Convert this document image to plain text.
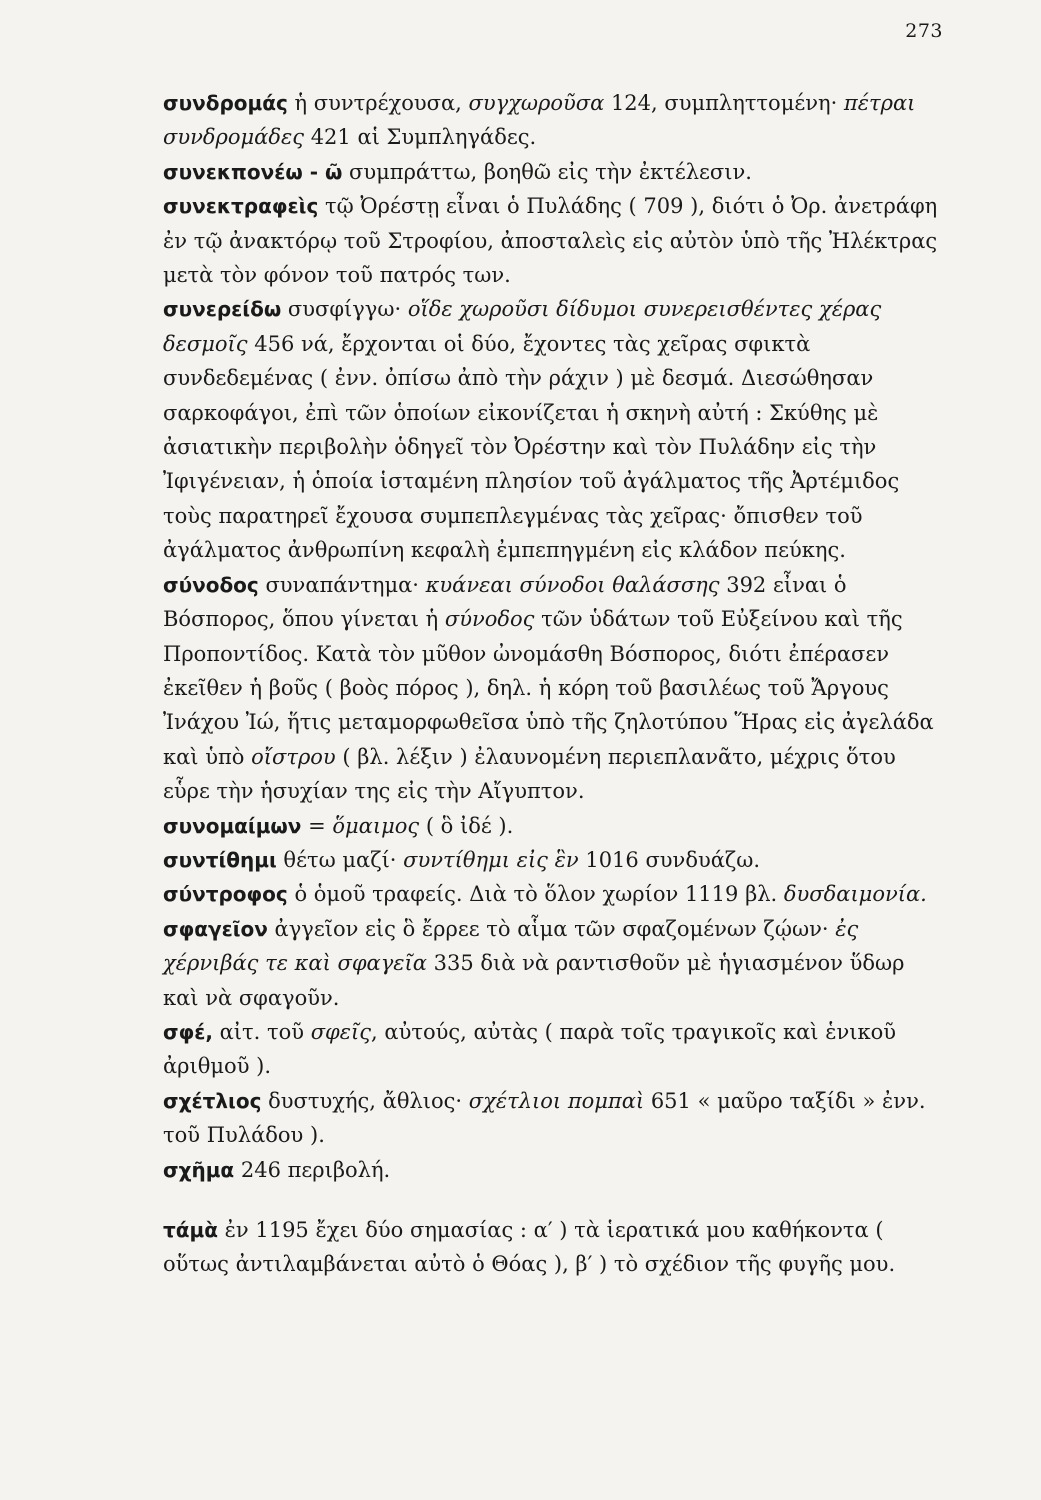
273

συνδρομάς ἡ συντρέχουσα, συγχωροῦσα 124, συμπληττομένη· πέτραι συνδρομάδες 421 αἱ Συμπληγάδες.

συνεκπονέω - ῶ συμπράττω, βοηθῶ εἰς τὴν ἐκτέλεσιν.

συνεκτραφεὶς τῷ Ὀρέστῃ εἶναι ὁ Πυλάδης ( 709 ), διότι ὁ Ὀρ. ἀνετράφη ἐν τῷ ἀνακτόρῳ τοῦ Στροφίου, ἀποσταλεὶς εἰς αὐτὸν ὑπὸ τῆς Ἠλέκτρας μετὰ τὸν φόνον τοῦ πατρός των.

συνερείδω συσφίγγω· οἵδε χωροῦσι δίδυμοι συνερεισθέντες χέρας δεσμοῖς 456 νά, ἔρχονται οἱ δύο, ἔχοντες τὰς χεῖρας σφικτὰ συνδεδεμένας ( ἐνν. ὀπίσω ἀπὸ τὴν ράχιν ) μὲ δεσμά. Διεσώθησαν σαρκοφάγοι, ἐπὶ τῶν ὁποίων εἰκονίζεται ἡ σκηνὴ αὐτή : Σκύθης μὲ ἀσιατικὴν περιβολὴν ὁδηγεῖ τὸν Ὀρέστην καὶ τὸν Πυλάδην εἰς τὴν Ἰφιγένειαν, ἡ ὁποία ἱσταμένη πλησίον τοῦ ἀγάλματος τῆς Ἀρτέμιδος τοὺς παρατηρεῖ ἔχουσα συμπεπλεγμένας τὰς χεῖρας· ὄπισθεν τοῦ ἀγάλματος ἀνθρωπίνη κεφαλὴ ἐμπεπηγμένη εἰς κλάδον πεύκης.

σύνοδος συναπάντημα· κυάνεαι σύνοδοι θαλάσσης 392 εἶναι ὁ Βόσπορος, ὅπου γίνεται ἡ σύνοδος τῶν ὑδάτων τοῦ Εὐξείνου καὶ τῆς Προποντίδος. Κατὰ τὸν μῦθον ὠνομάσθη Βόσπορος, διότι ἐπέρασεν ἐκεῖθεν ἡ βοῦς ( βοὸς πόρος ), δηλ. ἡ κόρη τοῦ βασιλέως τοῦ Ἄργους Ἰνάχου Ἰώ, ἥτις μεταμορφωθεῖσα ὑπὸ τῆς ζηλοτύπου Ἥρας εἰς ἀγελάδα καὶ ὑπὸ οἴστρου ( βλ. λέξιν ) ἐλαυνομένη περιεπλανᾶτο, μέχρις ὅτου εὗρε τὴν ἡσυχίαν της εἰς τὴν Αἴγυπτον.

συνομαίμων = ὅμαιμος ( ὃ ἰδέ ).

συντίθημι θέτω μαζί· συντίθημι εἰς ἓν 1016 συνδυάζω.

σύντροφος ὁ ὁμοῦ τραφείς. Διὰ τὸ ὅλον χωρίον 1119 βλ. δυσδαιμονία.

σφαγεῖον ἀγγεῖον εἰς ὃ ἔρρεε τὸ αἷμα τῶν σφαζομένων ζῴων· ἐς χέρνιβάς τε καὶ σφαγεῖα 335 διὰ νὰ ραντισθοῦν μὲ ἡγιασμένον ὕδωρ καὶ νὰ σφαγοῦν.

σφέ, αἰτ. τοῦ σφεῖς, αὐτούς, αὐτὰς ( παρὰ τοῖς τραγικοῖς καὶ ἑνικοῦ ἀριθμοῦ ).

σχέτλιος δυστυχής, ἄθλιος· σχέτλιοι πομπαὶ 651 « μαῦρο ταξίδι » ἐνν. τοῦ Πυλάδου ).

σχῆμα 246 περιβολή.

τάμὰ ἐν 1195 ἔχει δύο σημασίας : α′ ) τὰ ἱερατικά μου καθήκοντα ( οὕτως ἀντιλαμβάνεται αὐτὸ ὁ Θόας ), β′ ) τὸ σχέδιον τῆς φυγῆς μου.
